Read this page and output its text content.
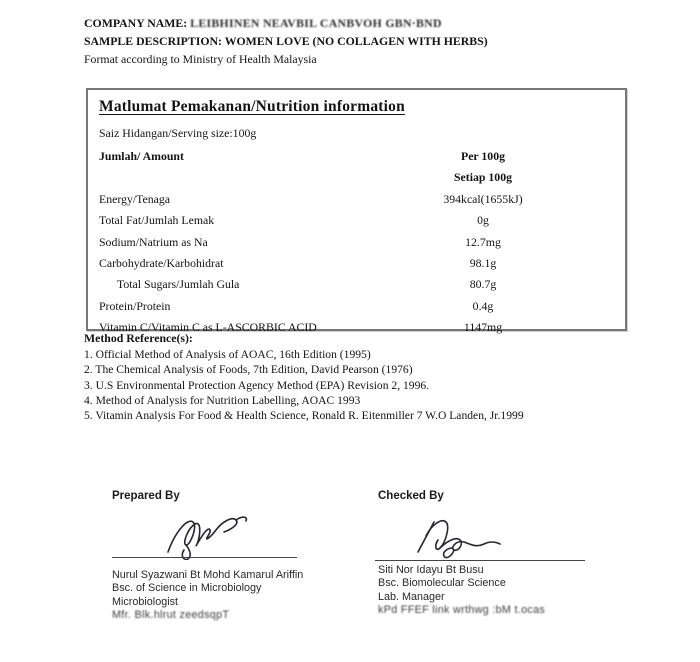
COMPANY NAME: LEIBHINEN NEAVBIL CANBVOH GBN·BND
SAMPLE DESCRIPTION: WOMEN LOVE (NO COLLAGEN WITH HERBS)
Format according to Ministry of Health Malaysia
Matlumat Pemakanan/Nutrition information
Saiz Hidangan/Serving size:100g
Jumlah/ Amount	Per 100g
Setiap 100g
Energy/Tenaga	394kcal(1655kJ)
Total Fat/Jumlah Lemak	0g
Sodium/Natrium as Na	12.7mg
Carbohydrate/Karbohidrat	98.1g
Total Sugars/Jumlah Gula	80.7g
Protein/Protein	0.4g
Vitamin C/Vitamin C as L-ASCORBIC ACID	1147mg
Method Reference(s):
1. Official Method of Analysis of AOAC, 16th Edition (1995)
2. The Chemical Analysis of Foods, 7th Edition, David Pearson (1976)
3. U.S Environmental Protection Agency Method (EPA) Revision 2, 1996.
4. Method of Analysis for Nutrition Labelling, AOAC 1993
5. Vitamin Analysis For Food & Health Science, Ronald R. Eitenmiller 7 W.O Landen, Jr.1999
Prepared By
Nurul Syazwani Bt Mohd Kamarul Ariffin
Bsc. of Science in Microbiology
Microbiologist
Mfr. Blk.hlrut zeedsqpT
Checked By
Siti Nor Idayu Bt Busu
Bsc. Biomolecular Science
Lab. Manager
kPd FFEF link wrthwg :bM t.ocas
